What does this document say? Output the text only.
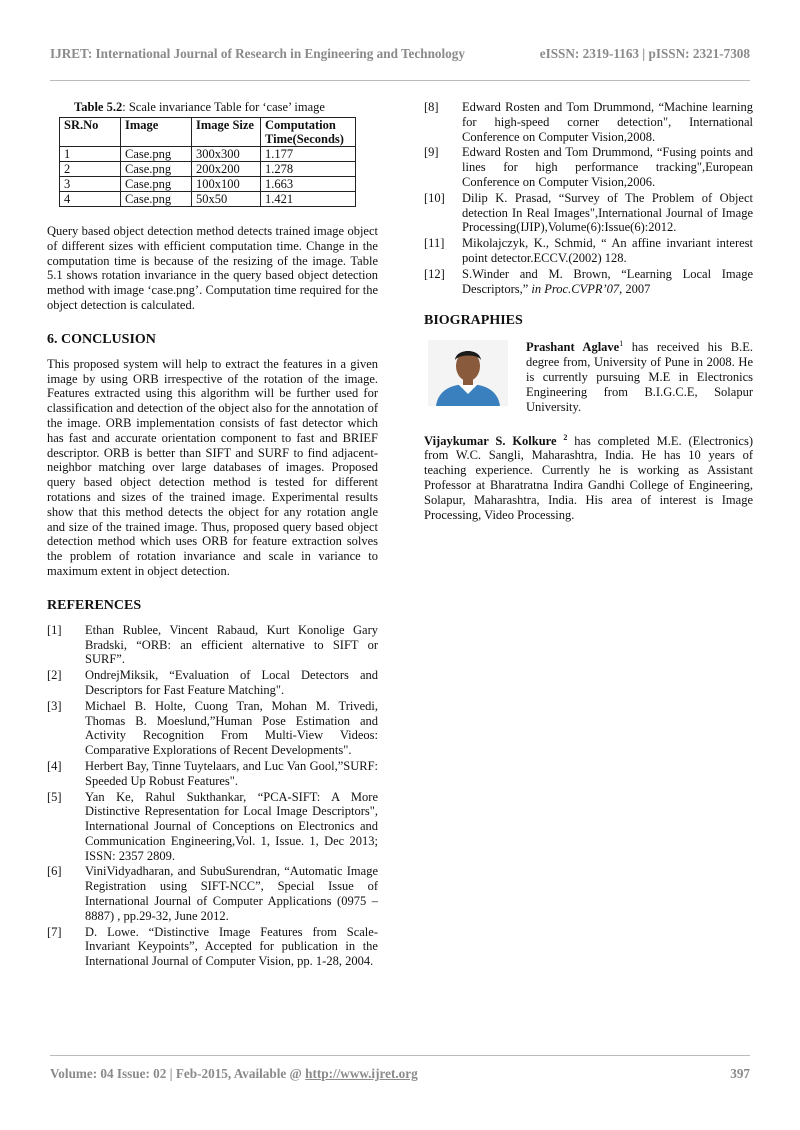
IJRET: International Journal of Research in Engineering and Technology	eISSN: 2319-1163 | pISSN: 2321-7308
Table 5.2: Scale invariance Table for ‘case’ image
SR.No	Image	Image Size	Computation Time(Seconds)
1	Case.png	300x300	1.177
2	Case.png	200x200	1.278
3	Case.png	100x100	1.663
4	Case.png	50x50	1.421

Query based object detection method detects trained image object of different sizes with efficient computation time. Change in the computation time is because of the resizing of the image. Table 5.1 shows rotation invariance in the query based object detection method with image ‘case.png’. Computation time required for the object detection is calculated.

6. CONCLUSION

This proposed system will help to extract the features in a given image by using ORB irrespective of the rotation of the image. Features extracted using this algorithm will be further used for classification and detection of the object also for the annotation of the image. ORB implementation consists of fast detector which has fast and accurate orientation component to fast and BRIEF descriptor. ORB is better than SIFT and SURF to find adjacent-neighbor matching over large databases of images. Proposed query based object detection method is tested for different rotations and sizes of the trained image. Experimental results show that this method detects the object for any rotation angle and size of the trained image. Thus, proposed query based object detection method which uses ORB for feature extraction solves the problem of rotation invariance and scale in variance to maximum extent in object detection.

REFERENCES
[1]	Ethan Rublee, Vincent Rabaud, Kurt Konolige Gary Bradski, “ORB: an efficient alternative to SIFT or SURF”.
[2]	OndrejMiksik, “Evaluation of Local Detectors and Descriptors for Fast Feature Matching".
[3]	Michael B. Holte, Cuong Tran, Mohan M. Trivedi, Thomas B. Moeslund,”Human Pose Estimation and Activity Recognition From Multi-View Videos: Comparative Explorations of Recent Developments".
[4]	Herbert Bay, Tinne Tuytelaars, and Luc Van Gool,”SURF: Speeded Up Robust Features".
[5]	Yan Ke, Rahul Sukthankar, “PCA-SIFT: A More Distinctive Representation for Local Image Descriptors", International Journal of Conceptions on Electronics and Communication Engineering,Vol. 1, Issue. 1, Dec 2013; ISSN: 2357 2809.
[6]	ViniVidyadharan, and SubuSurendran, “Automatic Image Registration using SIFT-NCC”, Special Issue of International Journal of Computer Applications (0975 – 8887) , pp.29-32, June 2012.
[7]	D. Lowe. “Distinctive Image Features from Scale-Invariant Keypoints”, Accepted for publication in the International Journal of Computer Vision, pp. 1-28, 2004.
[8]	Edward Rosten and Tom Drummond, “Machine learning for high-speed corner detection", International Conference on Computer Vision,2008.
[9]	Edward Rosten and Tom Drummond, “Fusing points and lines for high performance tracking",European Conference on Computer Vision,2006.
[10]	Dilip K. Prasad, “Survey of The Problem of Object detection In Real Images",International Journal of Image Processing(IJIP),Volume(6):Issue(6):2012.
[11]	Mikolajczyk, K., Schmid, “ An affine invariant interest point detector.ECCV.(2002) 128.
[12]	S.Winder and M. Brown, “Learning Local Image Descriptors,” in Proc.CVPR’07, 2007
BIOGRAPHIES
Prashant Aglave$^1$ has received his B.E. degree from, University of Pune in 2008. He is currently pursuing M.E in Electronics Engineering from B.I.G.C.E, Solapur University.
Vijaykumar S. Kolkure $^2$ has completed M.E. (Electronics) from W.C. Sangli, Maharashtra, India. He has 10 years of teaching experience. Currently he is working as Assistant Professor at Bharatratna Indira Gandhi College of Engineering, Solapur, Maharashtra, India. His area of interest is Image Processing, Video Processing.
Volume: 04 Issue: 02 | Feb-2015, Available @ http://www.ijret.org	397
